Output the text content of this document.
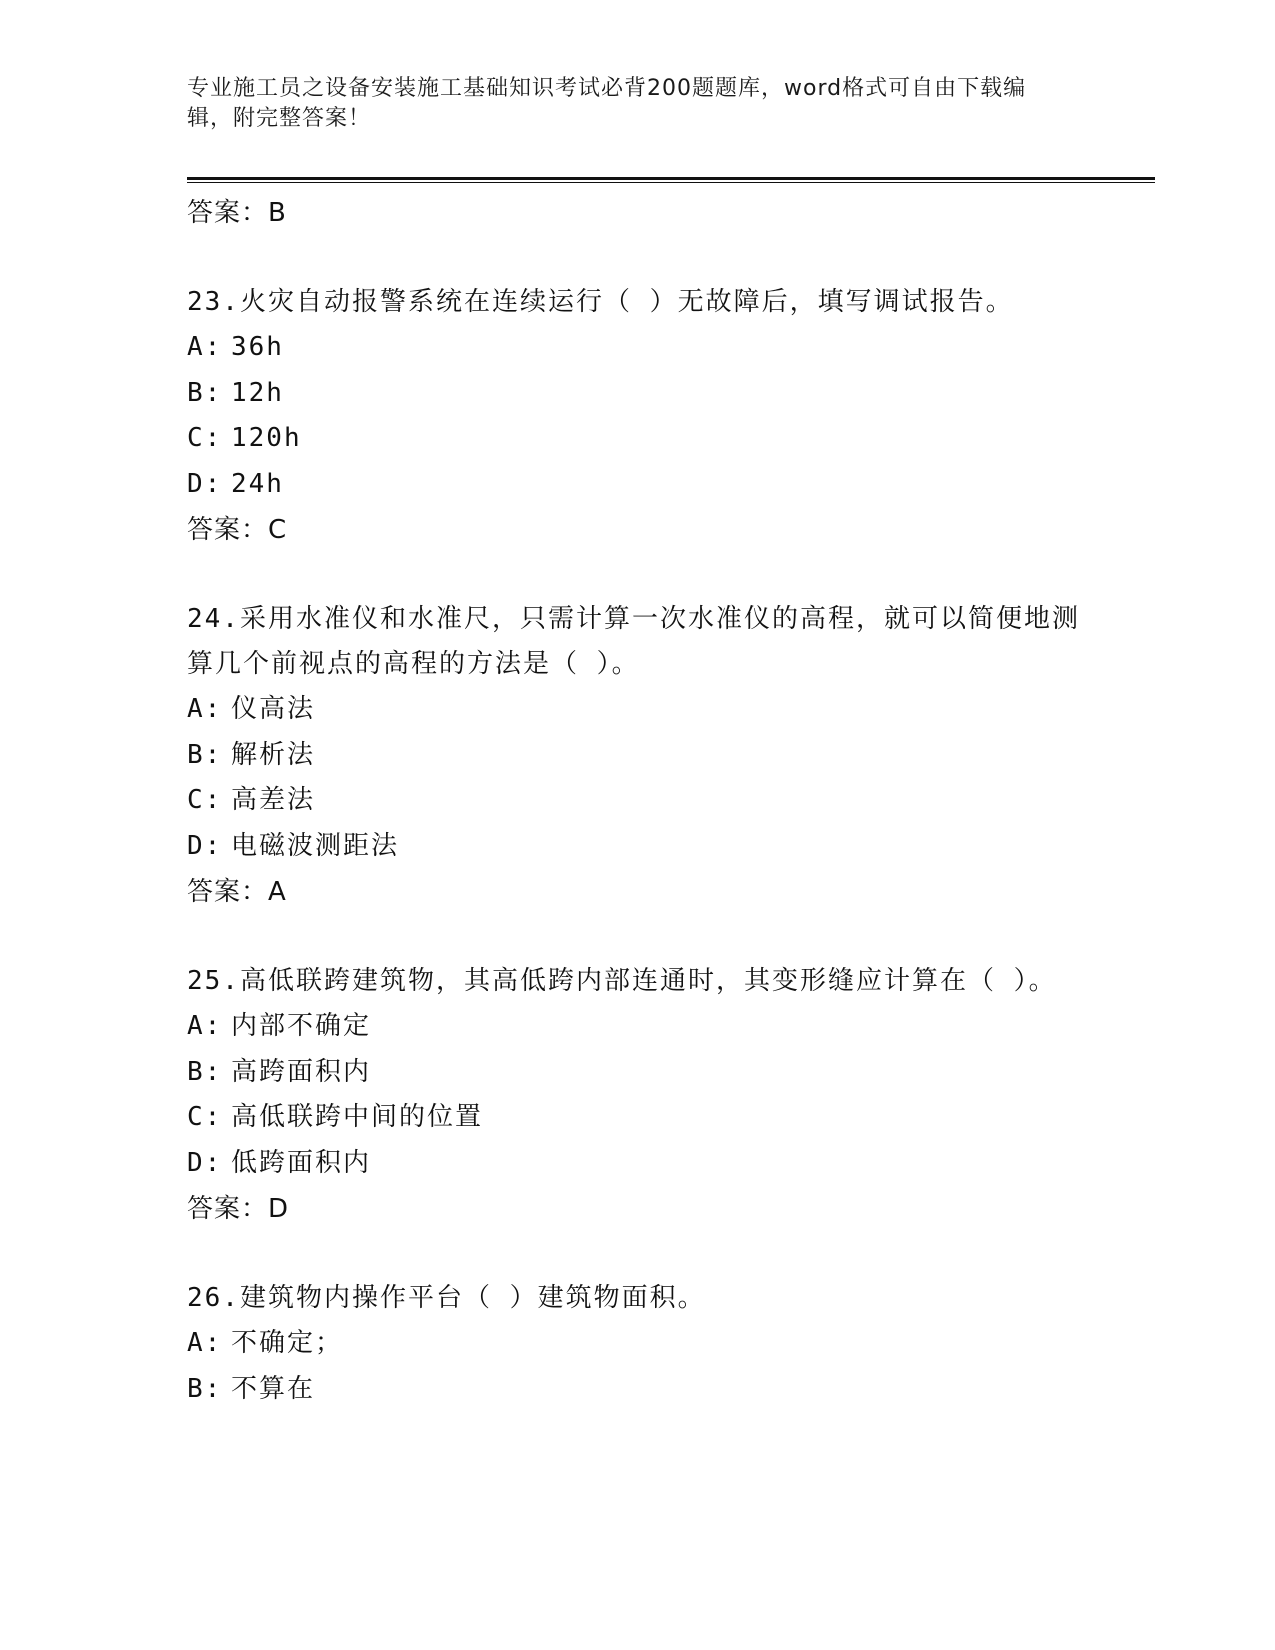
专业施工员之设备安装施工基础知识考试必背200题题库，word格式可自由下载编辑，附完整答案！
答案：B
23.火灾自动报警系统在连续运行（ ）无故障后，填写调试报告。
A: 36h
B: 12h
C: 120h
D: 24h
答案：C
24.采用水准仪和水准尺，只需计算一次水准仪的高程，就可以简便地测算几个前视点的高程的方法是（ ）。
A: 仪高法
B: 解析法
C: 高差法
D: 电磁波测距法
答案：A
25.高低联跨建筑物，其高低跨内部连通时，其变形缝应计算在（ ）。
A: 内部不确定
B: 高跨面积内
C: 高低联跨中间的位置
D: 低跨面积内
答案：D
26.建筑物内操作平台（ ）建筑物面积。
A: 不确定；
B: 不算在
